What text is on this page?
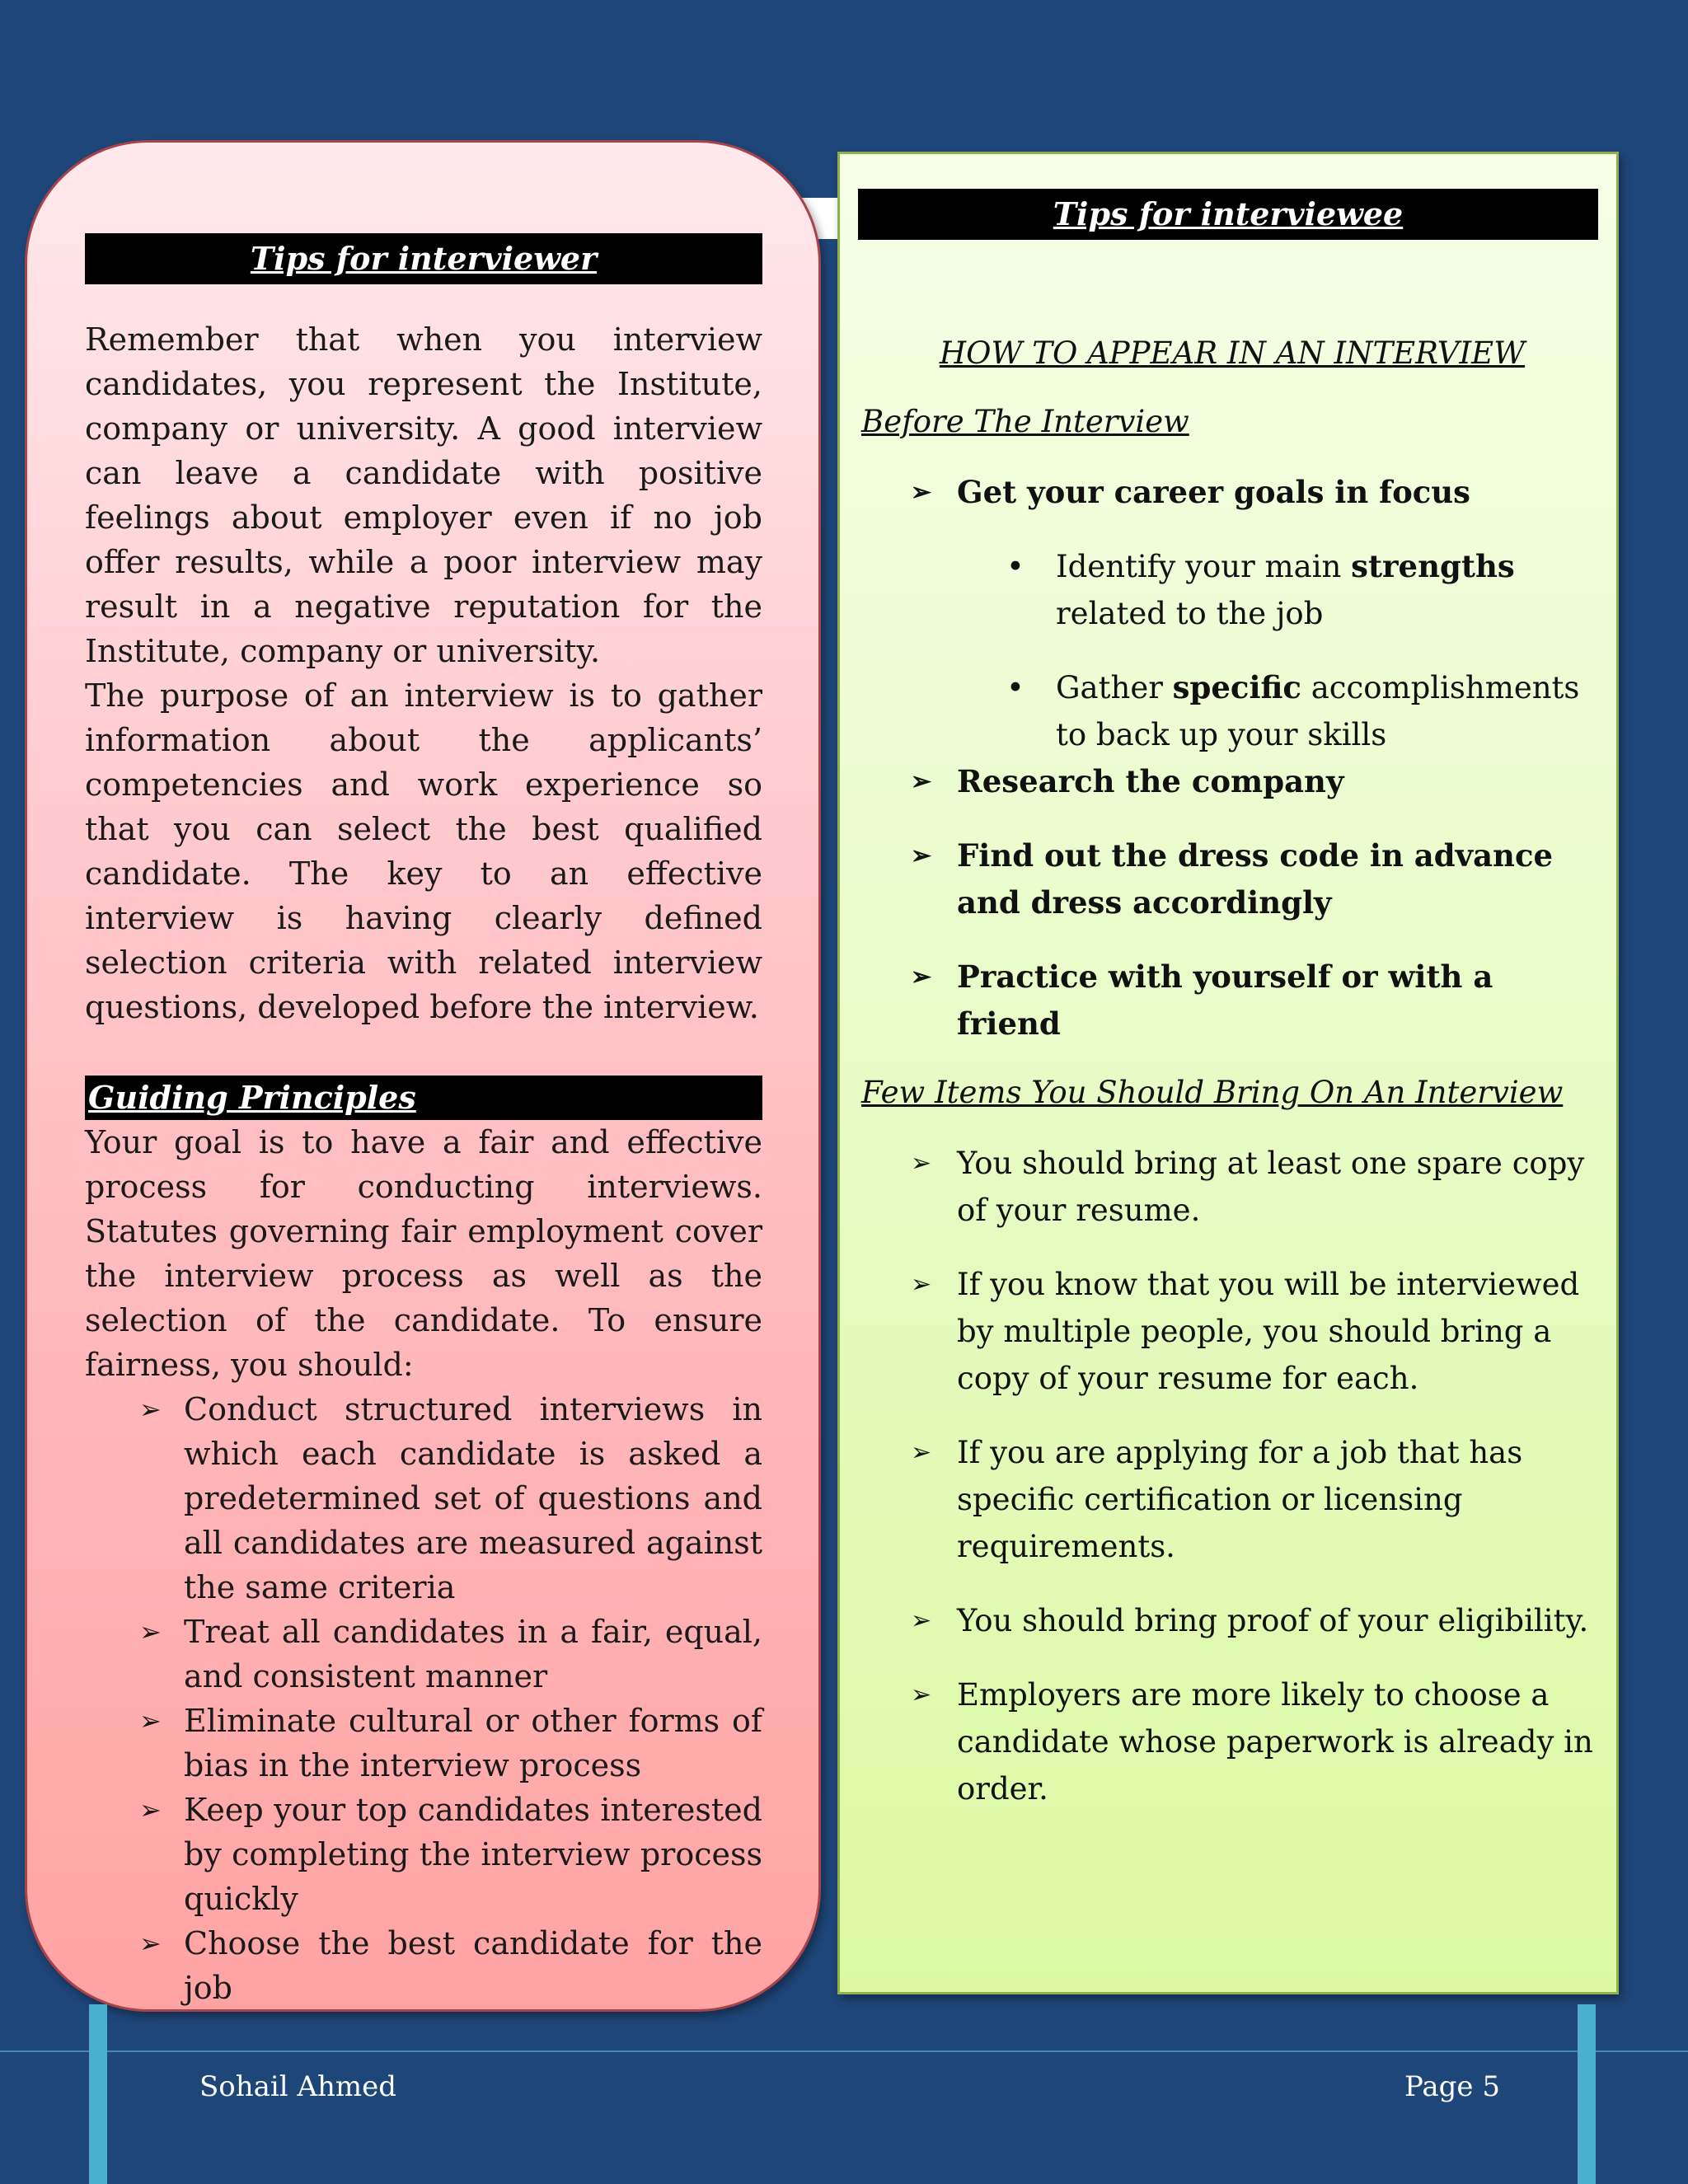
Tips for interviewer

Remember that when you interview candidates, you represent the Institute, company or university. A good interview can leave a candidate with positive feelings about employer even if no job offer results, while a poor interview may result in a negative reputation for the Institute, company or university.

The purpose of an interview is to gather information about the applicants’ competencies and work experience so that you can select the best qualified candidate. The key to an effective interview is having clearly defined selection criteria with related interview questions, developed before the interview.

Guiding Principles

Your goal is to have a fair and effective process for conducting interviews. Statutes governing fair employment cover the interview process as well as the selection of the candidate. To ensure fairness, you should:

➢ Conduct structured interviews in which each candidate is asked a predetermined set of questions and all candidates are measured against the same criteria
➢ Treat all candidates in a fair, equal, and consistent manner
➢ Eliminate cultural or other forms of bias in the interview process
➢ Keep your top candidates interested by completing the interview process quickly
➢ Choose the best candidate for the job
Tips for interviewee

HOW TO APPEAR IN AN INTERVIEW

Before The Interview

➢ Get your career goals in focus
• Identify your main strengths related to the job
• Gather specific accomplishments to back up your skills
➢ Research the company
➢ Find out the dress code in advance and dress accordingly
➢ Practice with yourself or with a friend

Few Items You Should Bring On An Interview

➢ You should bring at least one spare copy of your resume.
➢ If you know that you will be interviewed by multiple people, you should bring a copy of your resume for each.
➢ If you are applying for a job that has specific certification or licensing requirements.
➢ You should bring proof of your eligibility.
➢ Employers are more likely to choose a candidate whose paperwork is already in order.
Sohail Ahmed	Page 5
